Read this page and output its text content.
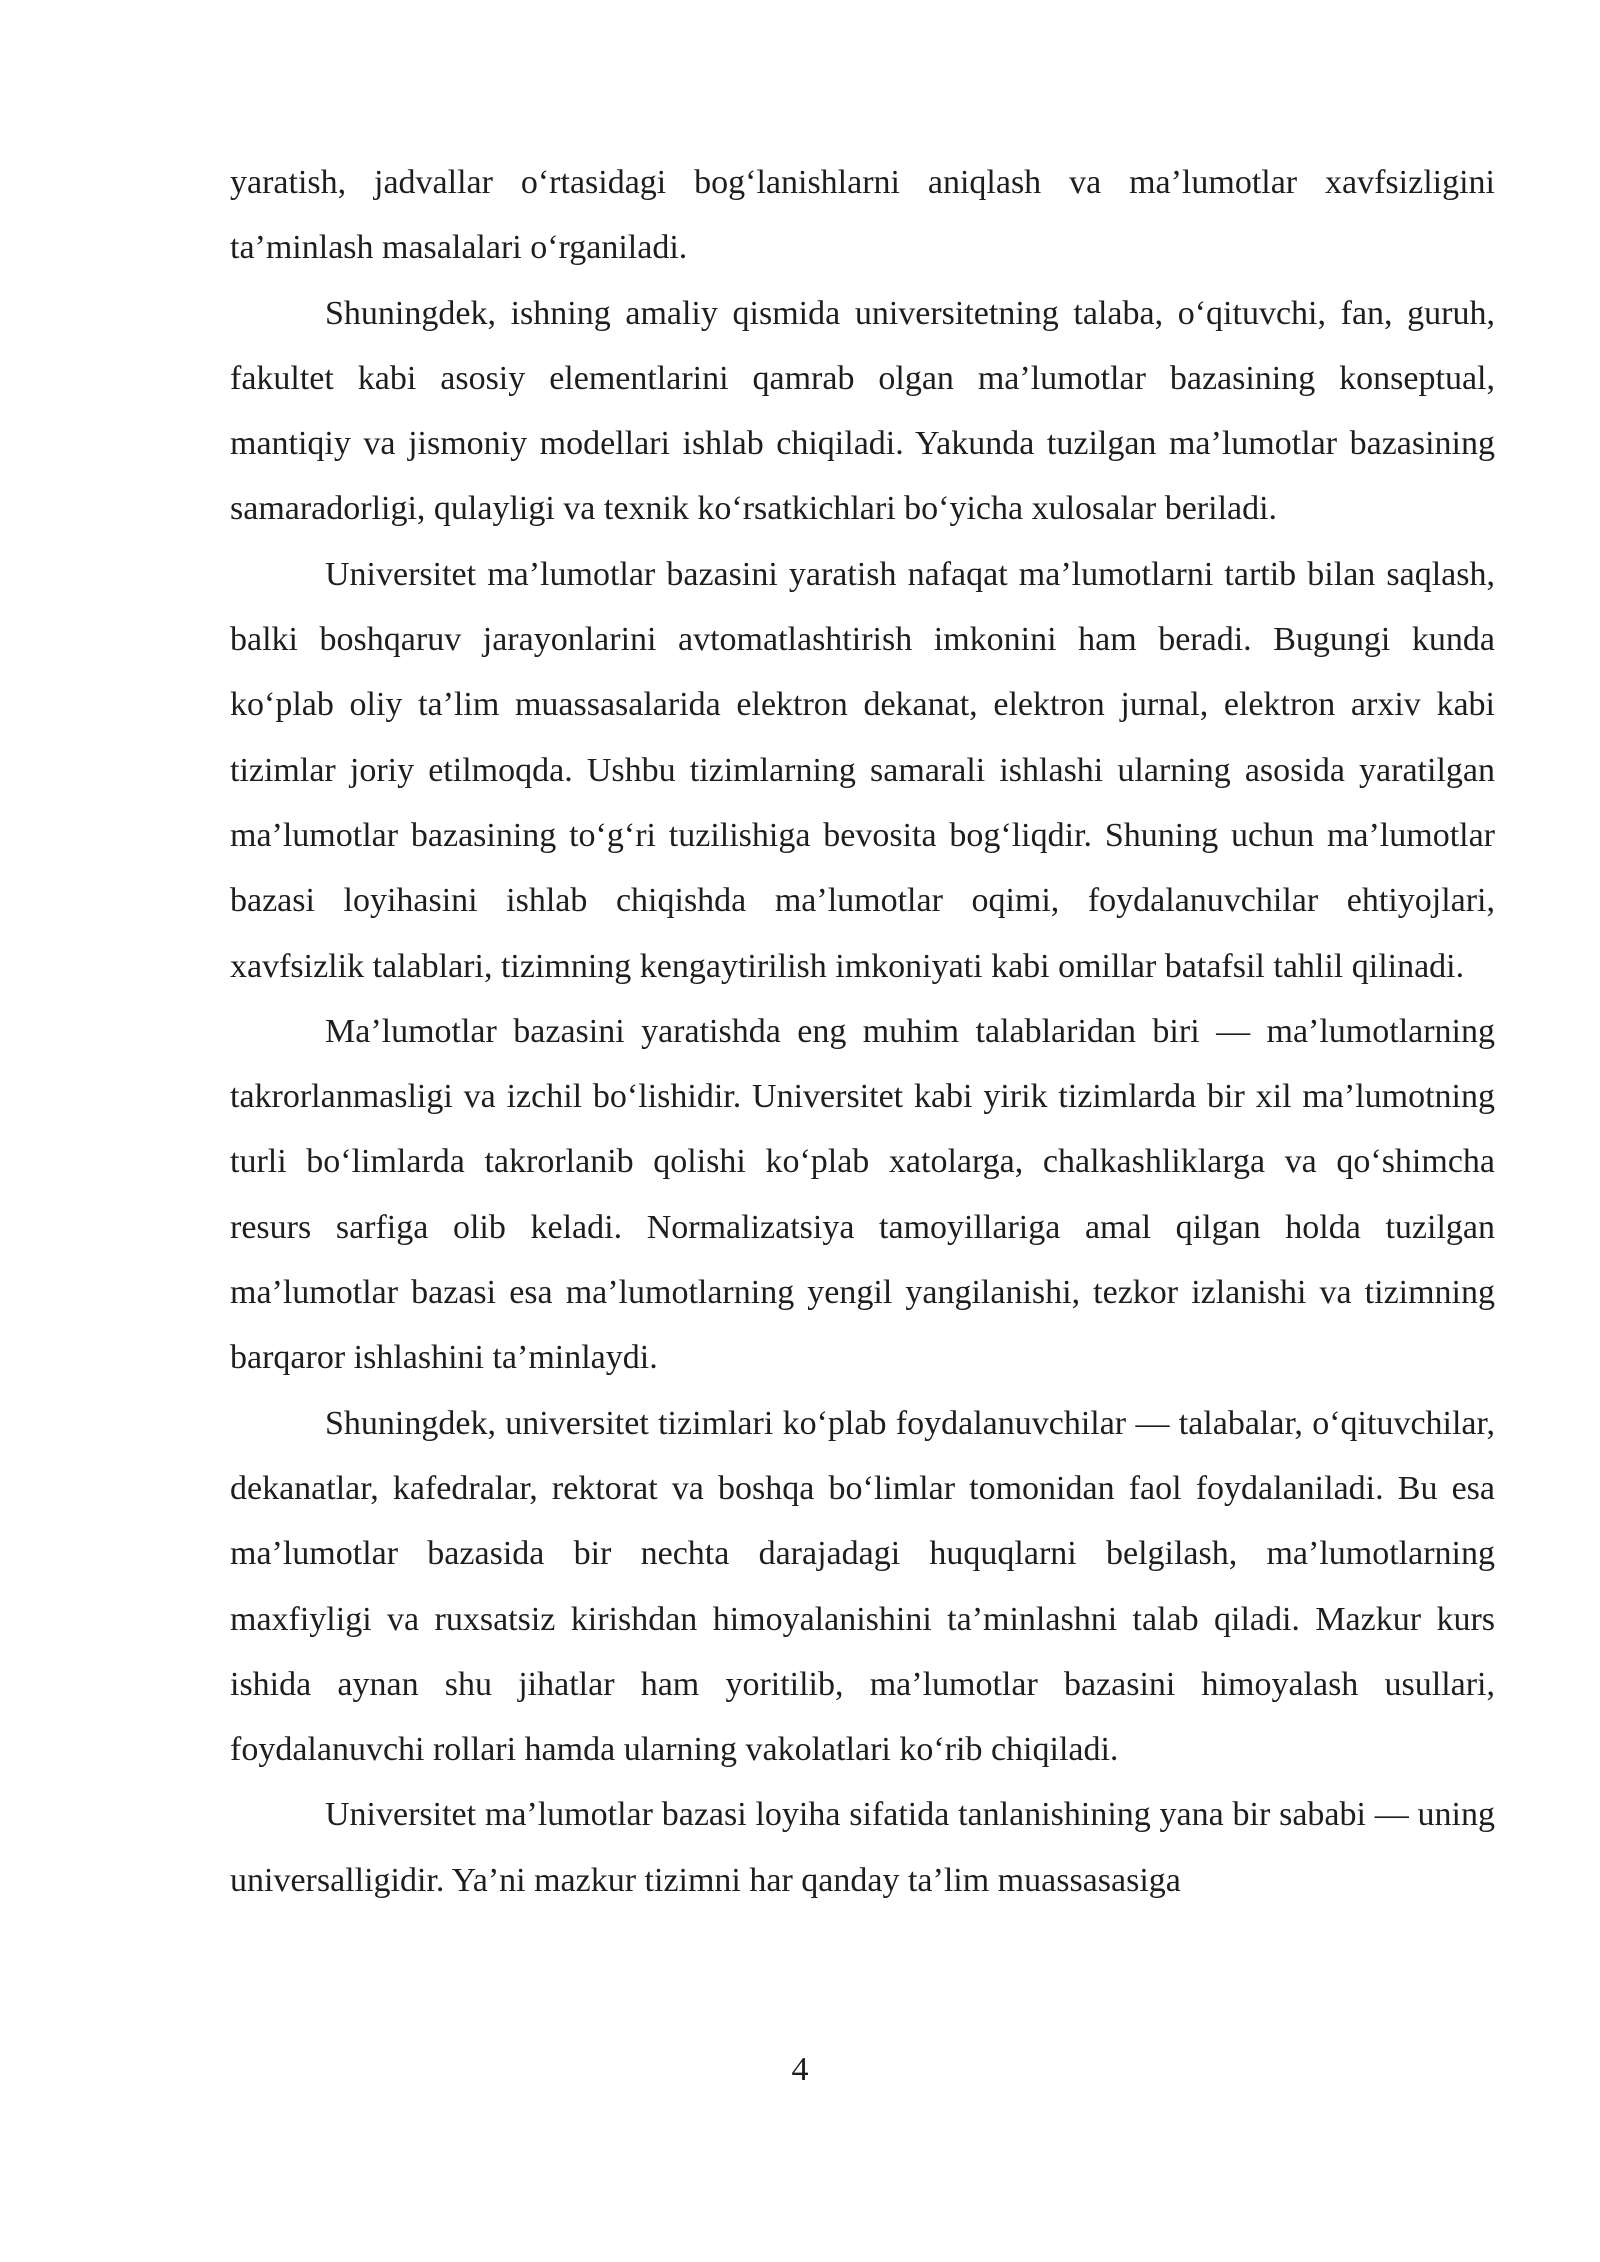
yaratish, jadvallar o‘rtasidagi bog‘lanishlarni aniqlash va ma’lumotlar xavfsizligini ta’minlash masalalari o‘rganiladi.

Shuningdek, ishning amaliy qismida universitetning talaba, o‘qituvchi, fan, guruh, fakultet kabi asosiy elementlarini qamrab olgan ma’lumotlar bazasining konseptual, mantiqiy va jismoniy modellari ishlab chiqiladi. Yakunda tuzilgan ma’lumotlar bazasining samaradorligi, qulayligi va texnik ko‘rsatkichlari bo‘yicha xulosalar beriladi.

Universitet ma’lumotlar bazasini yaratish nafaqat ma’lumotlarni tartib bilan saqlash, balki boshqaruv jarayonlarini avtomatlashtirish imkonini ham beradi. Bugungi kunda ko‘plab oliy ta’lim muassasalarida elektron dekanat, elektron jurnal, elektron arxiv kabi tizimlar joriy etilmoqda. Ushbu tizimlarning samarali ishlashi ularning asosida yaratilgan ma’lumotlar bazasining to‘g‘ri tuzilishiga bevosita bog‘liqdir. Shuning uchun ma’lumotlar bazasi loyihasini ishlab chiqishda ma’lumotlar oqimi, foydalanuvchilar ehtiyojlari, xavfsizlik talablari, tizimning kengaytirilish imkoniyati kabi omillar batafsil tahlil qilinadi.

Ma’lumotlar bazasini yaratishda eng muhim talablaridan biri — ma’lumotlarning takrorlanmasligi va izchil bo‘lishidir. Universitet kabi yirik tizimlarda bir xil ma’lumotning turli bo‘limlarda takrorlanib qolishi ko‘plab xatolarga, chalkashliklarga va qo‘shimcha resurs sarfiga olib keladi. Normalizatsiya tamoyillariga amal qilgan holda tuzilgan ma’lumotlar bazasi esa ma’lumotlarning yengil yangilanishi, tezkor izlanishi va tizimning barqaror ishlashini ta’minlaydi.

Shuningdek, universitet tizimlari ko‘plab foydalanuvchilar — talabalar, o‘qituvchilar, dekanatlar, kafedralar, rektorat va boshqa bo‘limlar tomonidan faol foydalaniladi. Bu esa ma’lumotlar bazasida bir nechta darajadagi huquqlarni belgilash, ma’lumotlarning maxfiyligi va ruxsatsiz kirishdan himoyalanishini ta’minlashni talab qiladi. Mazkur kurs ishida aynan shu jihatlar ham yoritilib, ma’lumotlar bazasini himoyalash usullari, foydalanuvchi rollari hamda ularning vakolatlari ko‘rib chiqiladi.

Universitet ma’lumotlar bazasi loyiha sifatida tanlanishining yana bir sababi — uning universalligidir. Ya’ni mazkur tizimni har qanday ta’lim muassasasiga

4
